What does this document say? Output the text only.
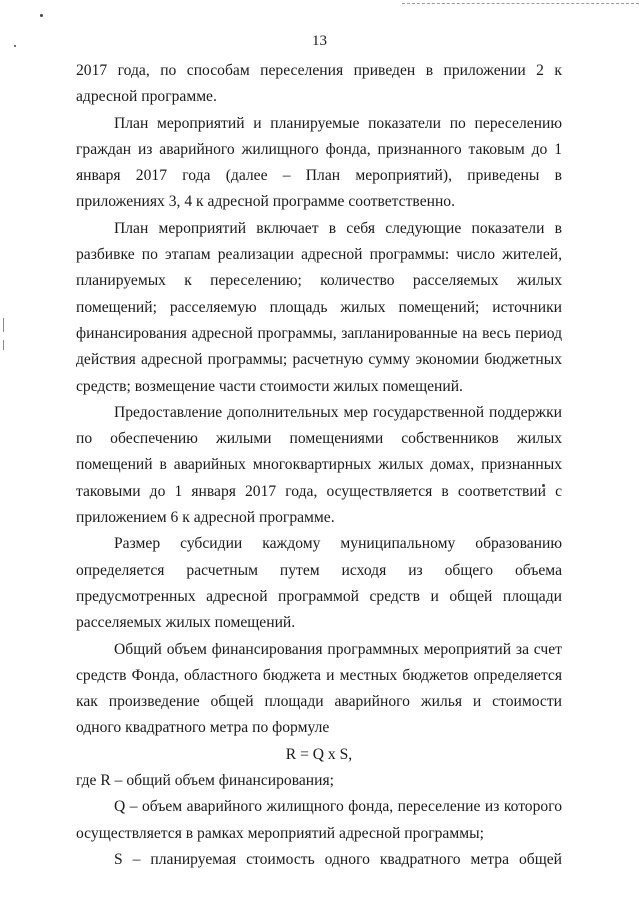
13

2017 года, по способам переселения приведен в приложении 2 к адресной программе.

План мероприятий и планируемые показатели по переселению граждан из аварийного жилищного фонда, признанного таковым до 1 января 2017 года (далее – План мероприятий), приведены в приложениях 3, 4 к адресной программе соответственно.

План мероприятий включает в себя следующие показатели в разбивке по этапам реализации адресной программы: число жителей, планируемых к переселению; количество расселяемых жилых помещений; расселяемую площадь жилых помещений; источники финансирования адресной программы, запланированные на весь период действия адресной программы; расчетную сумму экономии бюджетных средств; возмещение части стоимости жилых помещений.

Предоставление дополнительных мер государственной поддержки по обеспечению жилыми помещениями собственников жилых помещений в аварийных многоквартирных жилых домах, признанных таковыми до 1 января 2017 года, осуществляется в соответствии с приложением 6 к адресной программе.

Размер субсидии каждому муниципальному образованию определяется расчетным путем исходя из общего объема предусмотренных адресной программой средств и общей площади расселяемых жилых помещений.

Общий объем финансирования программных мероприятий за счет средств Фонда, областного бюджета и местных бюджетов определяется как произведение общей площади аварийного жилья и стоимости одного квадратного метра по формуле

R = Q x S,

где R – общий объем финансирования;

Q – объем аварийного жилищного фонда, переселение из которого осуществляется в рамках мероприятий адресной программы;

S – планируемая стоимость одного квадратного метра общей
